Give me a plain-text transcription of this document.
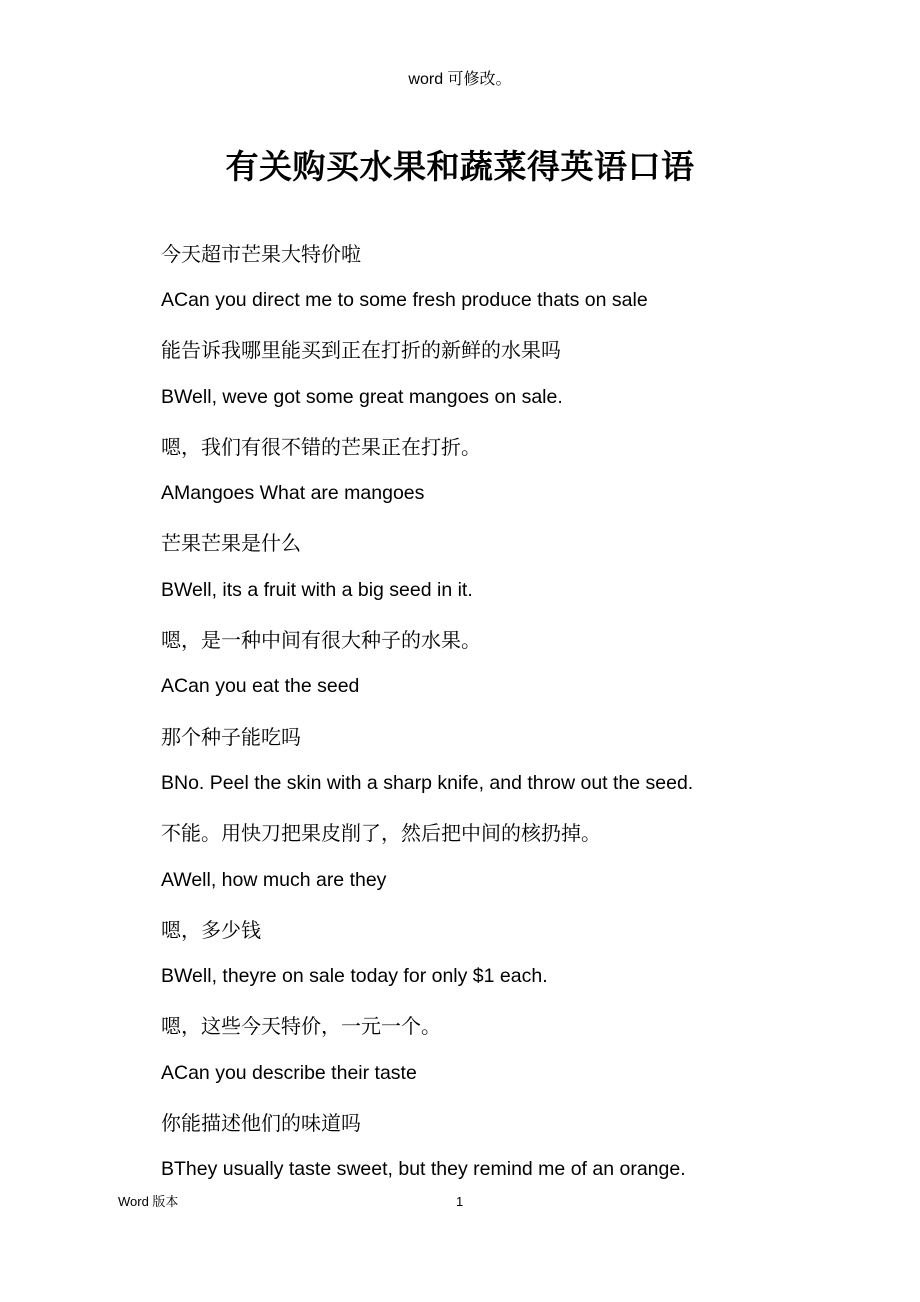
word 可修改。
有关购买水果和蔬菜得英语口语
今天超市芒果大特价啦
ACan you direct me to some fresh produce thats on sale
能告诉我哪里能买到正在打折的新鲜的水果吗
BWell, weve got some great mangoes on sale.
嗯，我们有很不错的芒果正在打折。
AMangoes What are mangoes
芒果芒果是什么
BWell, its a fruit with a big seed in it.
嗯，是一种中间有很大种子的水果。
ACan you eat the seed
那个种子能吃吗
BNo. Peel the skin with a sharp knife, and throw out the seed.
不能。用快刀把果皮削了，然后把中间的核扔掉。
AWell, how much are they
嗯，多少钱
BWell, theyre on sale today for only $1 each.
嗯，这些今天特价，一元一个。
ACan you describe their taste
你能描述他们的味道吗
BThey usually taste sweet, but they remind me of an orange.
Word 版本	1
